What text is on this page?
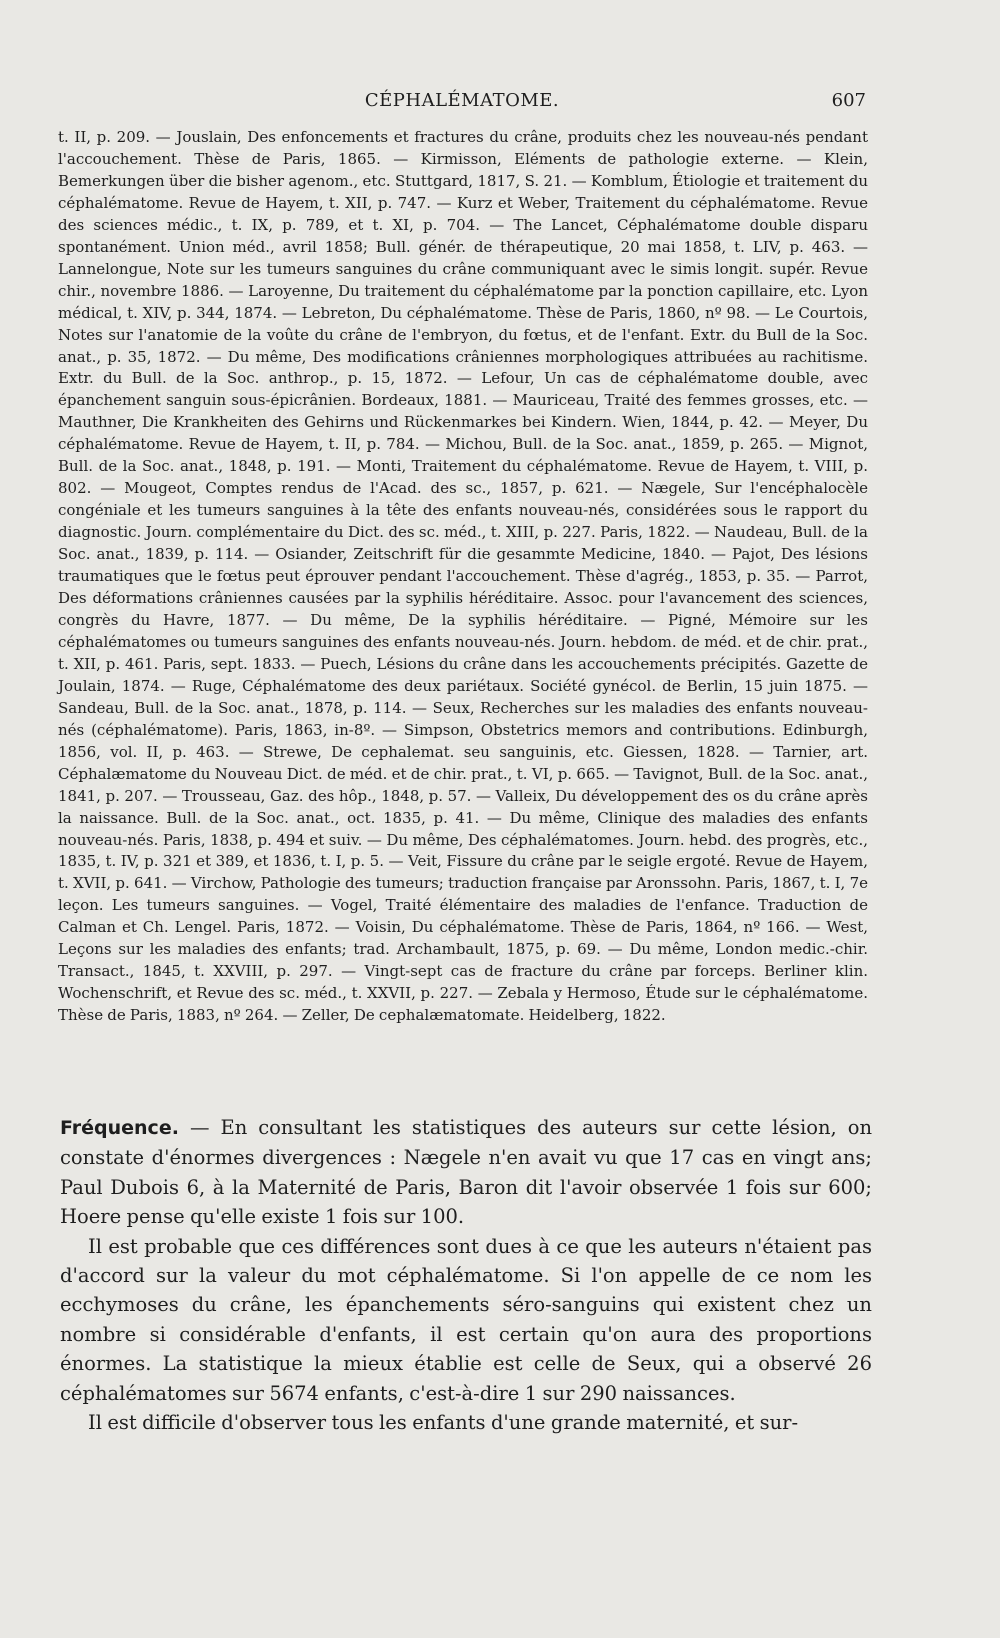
CÉPHALÉMATOME.	607

t. II, p. 209. — Jouslain, Des enfoncements et fractures du crâne, produits chez les nouveau-nés pendant l'accouchement. Thèse de Paris, 1865. — Kirmisson, Eléments de pathologie externe. — Klein, Bemerkungen über die bisher agenom., etc. Stuttgard, 1817, S. 21. — Komblum, Étiologie et traitement du céphalématome. Revue de Hayem, t. XII, p. 747. — Kurz et Weber, Traitement du céphalématome. Revue des sciences médic., t. IX, p. 789, et t. XI, p. 704. — The Lancet, Céphalématome double disparu spontanément. Union méd., avril 1858; Bull. génér. de thérapeutique, 20 mai 1858, t. LIV, p. 463. — Lannelongue, Note sur les tumeurs sanguines du crâne communiquant avec le simis longit. supér. Revue chir., novembre 1886. — Laroyenne, Du traitement du céphalématome par la ponction capillaire, etc. Lyon médical, t. XIV, p. 344, 1874. — Lebreton, Du céphalématome. Thèse de Paris, 1860, nº 98. — Le Courtois, Notes sur l'anatomie de la voûte du crâne de l'embryon, du fœtus, et de l'enfant. Extr. du Bull de la Soc. anat., p. 35, 1872. — Du même, Des modifications crâniennes morphologiques attribuées au rachitisme. Extr. du Bull. de la Soc. anthrop., p. 15, 1872. — Lefour, Un cas de céphalématome double, avec épanchement sanguin sous-épicrânien. Bordeaux, 1881. — Mauriceau, Traité des femmes grosses, etc. — Mauthner, Die Krankheiten des Gehirns und Rückenmarkes bei Kindern. Wien, 1844, p. 42. — Meyer, Du céphalématome. Revue de Hayem, t. II, p. 784. — Michou, Bull. de la Soc. anat., 1859, p. 265. — Mignot, Bull. de la Soc. anat., 1848, p. 191. — Monti, Traitement du céphalématome. Revue de Hayem, t. VIII, p. 802. — Mougeot, Comptes rendus de l'Acad. des sc., 1857, p. 621. — Nægele, Sur l'encéphalocèle congéniale et les tumeurs sanguines à la tête des enfants nouveau-nés, considérées sous le rapport du diagnostic. Journ. complémentaire du Dict. des sc. méd., t. XIII, p. 227. Paris, 1822. — Naudeau, Bull. de la Soc. anat., 1839, p. 114. — Osiander, Zeitschrift für die gesammte Medicine, 1840. — Pajot, Des lésions traumatiques que le fœtus peut éprouver pendant l'accouchement. Thèse d'agrég., 1853, p. 35. — Parrot, Des déformations crâniennes causées par la syphilis héréditaire. Assoc. pour l'avancement des sciences, congrès du Havre, 1877. — Du même, De la syphilis héréditaire. — Pigné, Mémoire sur les céphalématomes ou tumeurs sanguines des enfants nouveau-nés. Journ. hebdom. de méd. et de chir. prat., t. XII, p. 461. Paris, sept. 1833. — Puech, Lésions du crâne dans les accouchements précipités. Gazette de Joulain, 1874. — Ruge, Céphalématome des deux pariétaux. Société gynécol. de Berlin, 15 juin 1875. — Sandeau, Bull. de la Soc. anat., 1878, p. 114. — Seux, Recherches sur les maladies des enfants nouveau-nés (céphalématome). Paris, 1863, in-8º. — Simpson, Obstetrics memors and contributions. Edinburgh, 1856, vol. II, p. 463. — Strewe, De cephalemat. seu sanguinis, etc. Giessen, 1828. — Tarnier, art. Céphalæmatome du Nouveau Dict. de méd. et de chir. prat., t. VI, p. 665. — Tavignot, Bull. de la Soc. anat., 1841, p. 207. — Trousseau, Gaz. des hôp., 1848, p. 57. — Valleix, Du développement des os du crâne après la naissance. Bull. de la Soc. anat., oct. 1835, p. 41. — Du même, Clinique des maladies des enfants nouveau-nés. Paris, 1838, p. 494 et suiv. — Du même, Des céphalématomes. Journ. hebd. des progrès, etc., 1835, t. IV, p. 321 et 389, et 1836, t. I, p. 5. — Veit, Fissure du crâne par le seigle ergoté. Revue de Hayem, t. XVII, p. 641. — Virchow, Pathologie des tumeurs; traduction française par Aronssohn. Paris, 1867, t. I, 7e leçon. Les tumeurs sanguines. — Vogel, Traité élémentaire des maladies de l'enfance. Traduction de Calman et Ch. Lengel. Paris, 1872. — Voisin, Du céphalématome. Thèse de Paris, 1864, nº 166. — West, Leçons sur les maladies des enfants; trad. Archambault, 1875, p. 69. — Du même, London medic.-chir. Transact., 1845, t. XXVIII, p. 297. — Vingt-sept cas de fracture du crâne par forceps. Berliner klin. Wochenschrift, et Revue des sc. méd., t. XXVII, p. 227. — Zebala y Hermoso, Étude sur le céphalématome. Thèse de Paris, 1883, nº 264. — Zeller, De cephalæmatomate. Heidelberg, 1822.

Fréquence. — En consultant les statistiques des auteurs sur cette lésion, on constate d'énormes divergences : Nægele n'en avait vu que 17 cas en vingt ans; Paul Dubois 6, à la Maternité de Paris, Baron dit l'avoir observée 1 fois sur 600; Hoere pense qu'elle existe 1 fois sur 100.

Il est probable que ces différences sont dues à ce que les auteurs n'étaient pas d'accord sur la valeur du mot céphalématome. Si l'on appelle de ce nom les ecchymoses du crâne, les épanchements séro-sanguins qui existent chez un nombre si considérable d'enfants, il est certain qu'on aura des proportions énormes. La statistique la mieux établie est celle de Seux, qui a observé 26 céphalématomes sur 5674 enfants, c'est-à-dire 1 sur 290 naissances.

Il est difficile d'observer tous les enfants d'une grande maternité, et sur-
